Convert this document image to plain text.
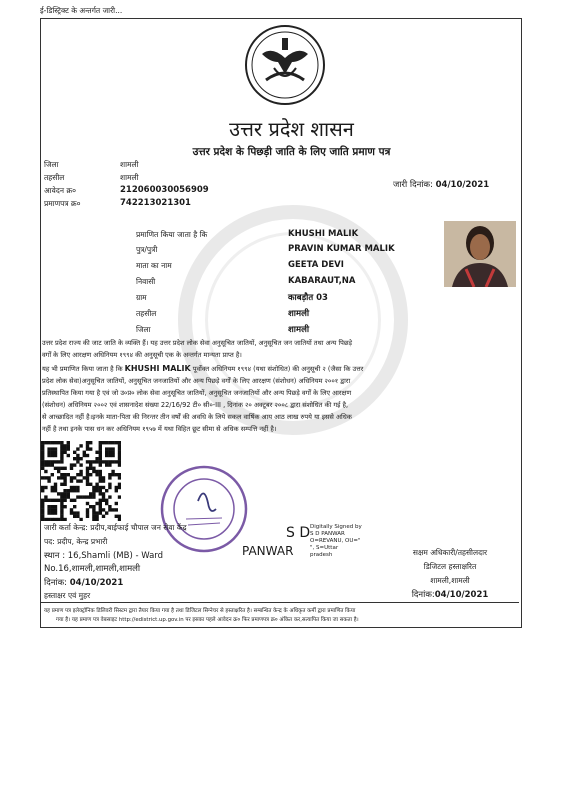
ई-डिस्ट्रिक्ट के अन्तर्गत जारी...
उत्तर प्रदेश शासन
उत्तर प्रदेश के पिछड़ी जाति के लिए जाति प्रमाण पत्र
जिला	शामली
तहसील	शामली
आवेदन क्र०	212060030056909
प्रमाणपत्र क्र०	742213021301
जारी दिनांक: 04/10/2021
प्रमाणित किया जाता है कि	KHUSHI MALIK
पुत्र/पुत्री	PRAVIN KUMAR MALIK
माता का नाम	GEETA DEVI
निवासी	KABARAUT,NA
ग्राम	काबड़ौत 03
तहसील	शामली
जिला	शामली
उत्तर प्रदेश राज्य की जाट जाति के व्यक्ति हैं। यह उत्तर प्रदेश लोक सेवा अनुसूचित जातियों, अनुसूचित जन जातियों तथा अन्य पिछड़े
वर्गों के लिए आरक्षण अधिनियम १९९४ की अनुसूची एक के अन्तर्गत मान्यता प्राप्त है।
यह भी प्रमाणित किया जाता है कि KHUSHI MALIK पूर्वोक्त अधिनियम १९९४ (यथा संशोधित) की अनुसूची २ (जैसा कि उत्तर
प्रदेश लोक सेवा)अनुसूचित जातियों, अनुसूचित जनजातियों और अन्य पिछड़े वर्गों के लिए आरक्षण (संशोधन) अधिनियम २००१ द्वारा
प्रतिस्थापित किया गया है एवं जो उ०प्र० लोक सेवा अनुसूचित जातियों, अनुसूचित जनजातियों और अन्य पिछड़े वर्गों के लिए आरक्षण
(संशोधन) अधिनियम २००२ एवं शासनादेश संख्या 22/16/92 टी० सी०-III , दिनांक २० अक्टूबर २००८ द्वारा संशोधित की गई है,
से आच्छादित नहीं है।इनके माता-पिता की निरन्तर तीन वर्षों की अवधि के लिये सकल वार्षिक आय आठ लाख रुपये या इससे अधिक
नहीं है तथा इनके पास धन कर अधिनियम १९५७ में यथा विहित छूट सीमा से अधिक सम्पत्ति नहीं है।
जारी कर्ता केन्द्र: प्रदीप,बाईफाई चौपाल जन सेवा केंद्र
पद: प्रदीप, केन्द्र प्रभारी
स्थान : 16,Shamli (MB) - Ward
No.16,शामली,शामली,शामली
दिनांक: 04/10/2021
हस्ताक्षर एवं मुहर
S D
PANWAR
Digitally Signed by
S D PANWAR
O=REVANU, OU="
", S=Uttar
pradesh	सक्षम अधिकारी/तहसीलदार
डिजिटल हस्ताक्षरित
शामली,शामली
दिनांक:04/10/2021
यह प्रमाण पत्र इलेक्ट्रॉनिक डिलिवरी सिस्टम द्वारा तैयार किया गया है तथा डिजिटल सिग्नेचर से हस्ताक्षरित है। सम्बन्धित केन्द्र के अधिकृत कर्मी द्वारा प्रमाणित किया
गया है। यह प्रमाण पत्र वेबसाइट http://edistrict.up.gov.in पर इसका पहले आवेदन क्र० फिर प्रमाणपत्र क्र० अंकित कर,सत्यापित किया जा सकता है।
